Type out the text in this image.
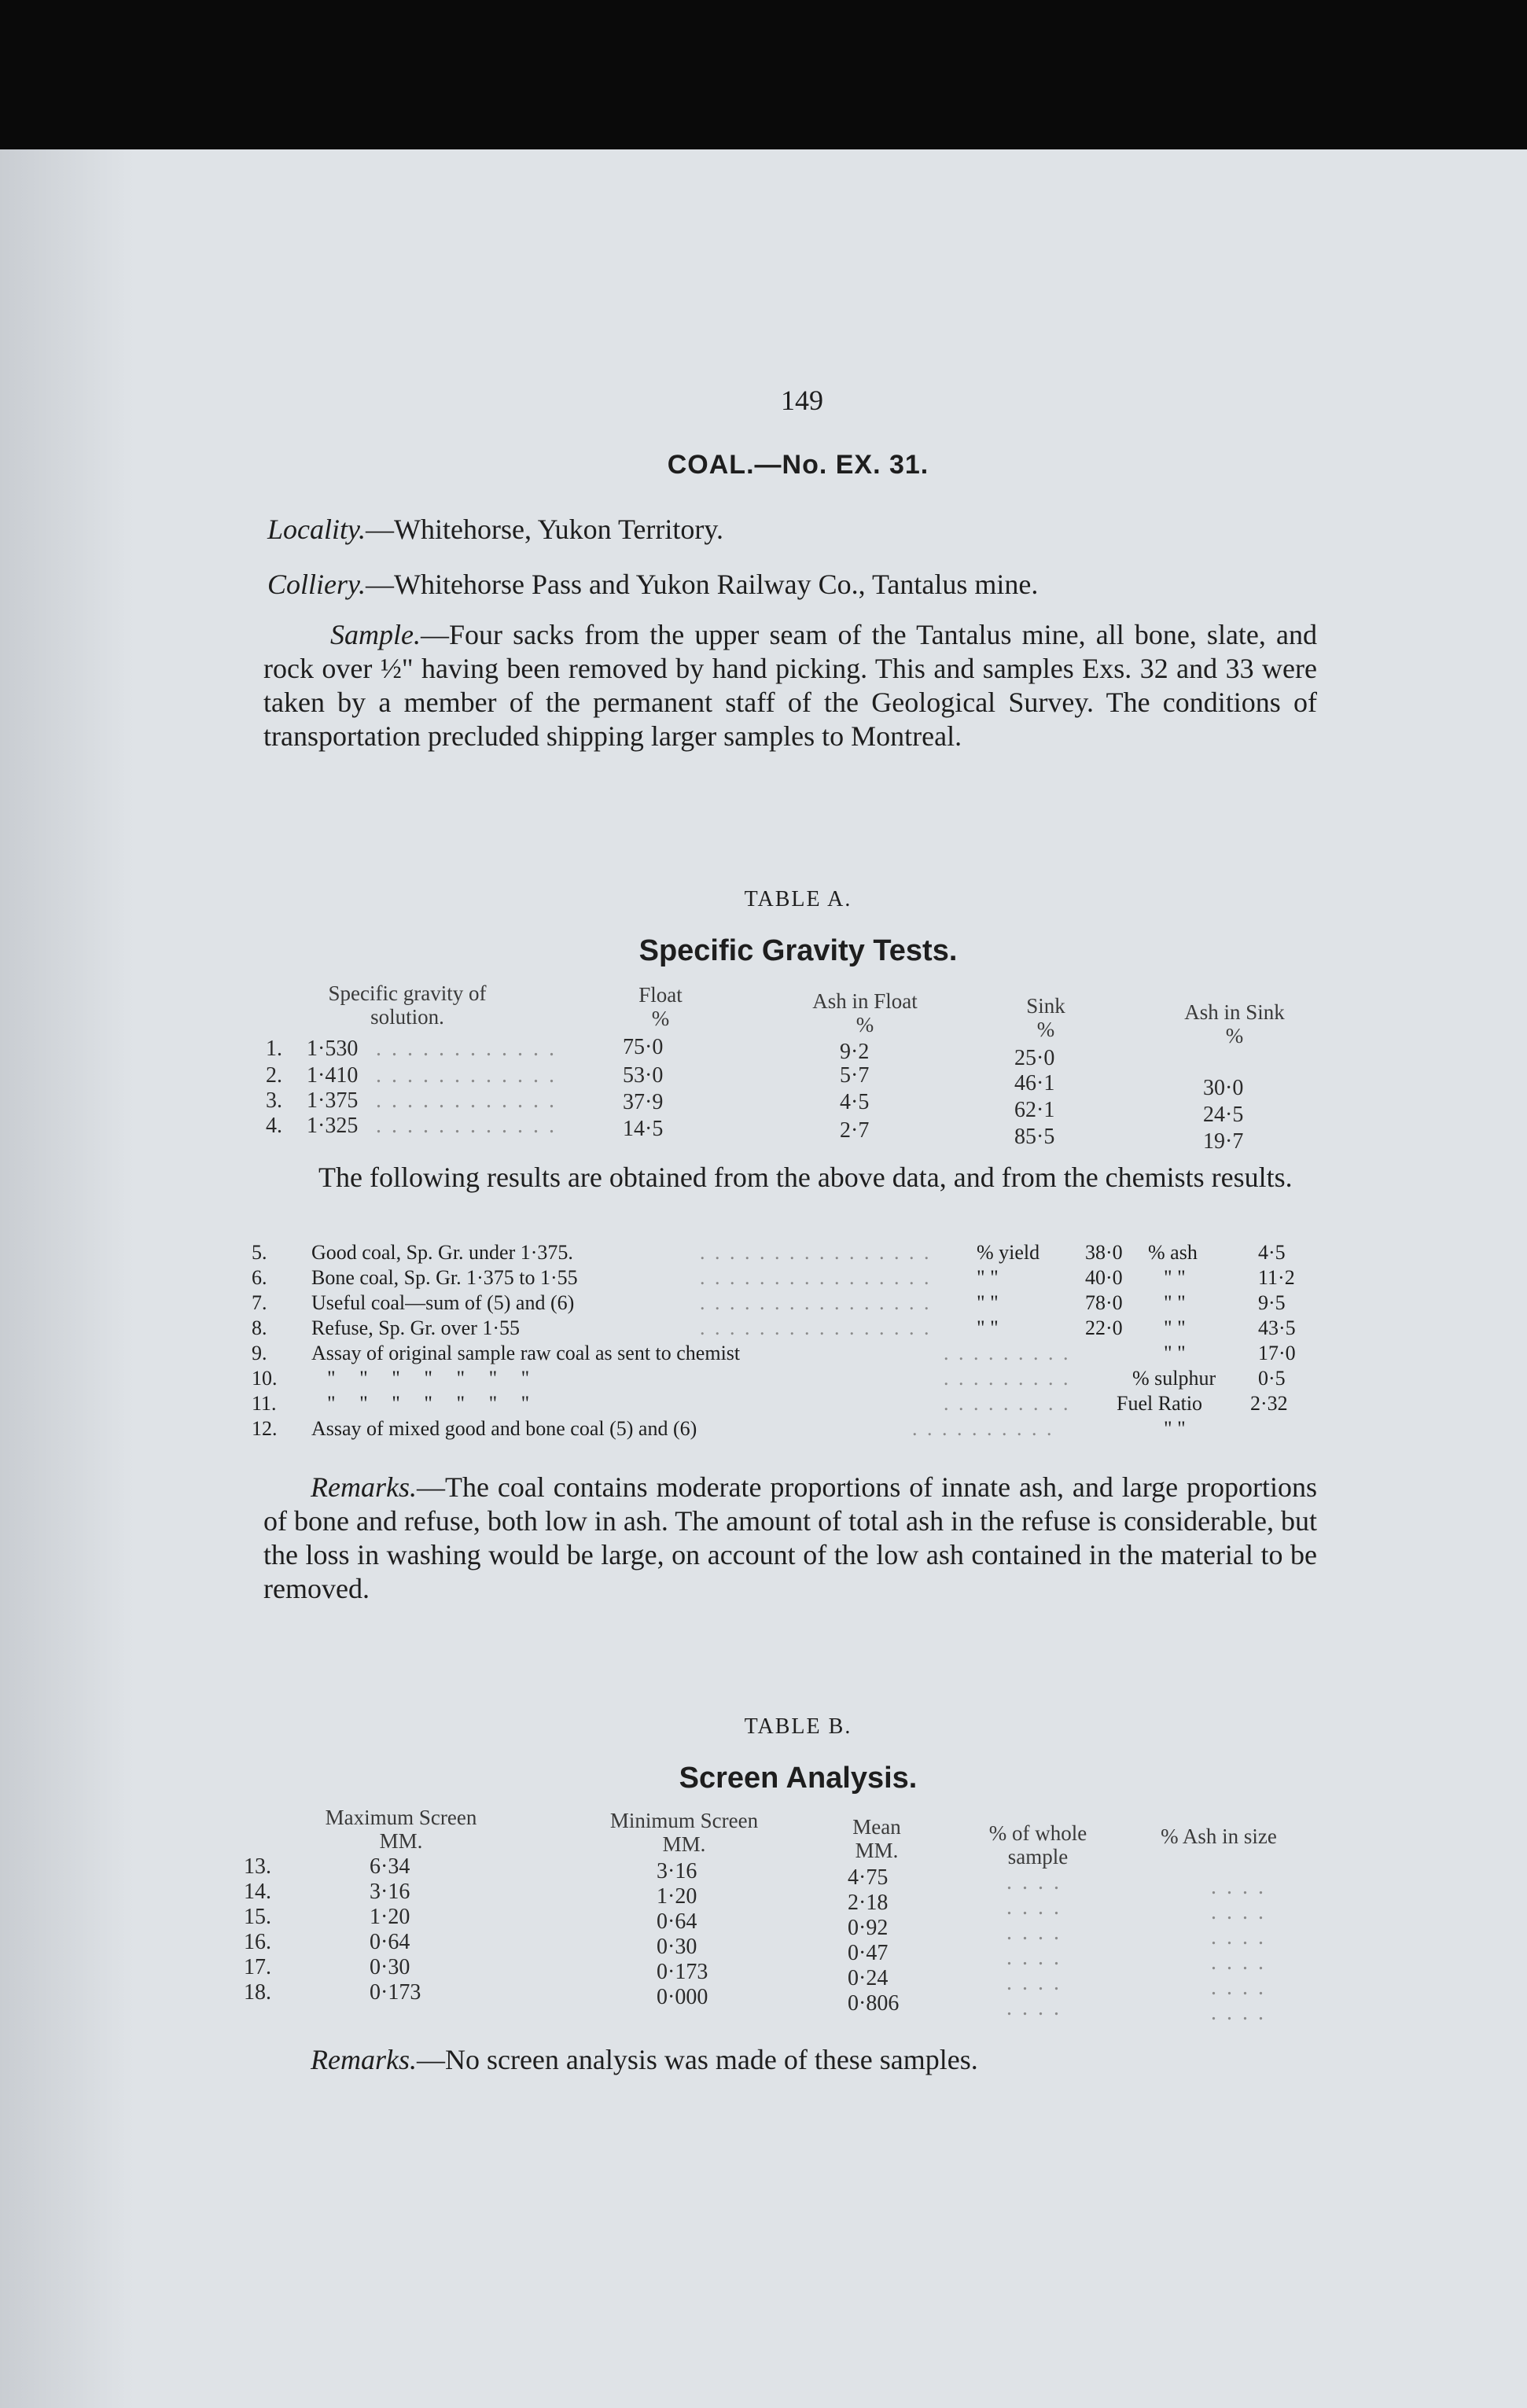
149
COAL.—No. EX. 31.
Locality.—Whitehorse, Yukon Territory.
Colliery.—Whitehorse Pass and Yukon Railway Co., Tantalus mine.
Sample.—Four sacks from the upper seam of the Tantalus mine, all bone, slate, and rock over ½" having been removed by hand picking. This and samples Exs. 32 and 33 were taken by a member of the permanent staff of the Geological Survey. The conditions of transportation precluded shipping larger samples to Montreal.
TABLE A.
Specific Gravity Tests.
Specific gravity of solution.
Float
%
Ash in Float
%
Sink
%
Ash in Sink
%
1. 1·530 . . . . . . . . . . . .	75·0	9·2	25·0
2. 1·410 . . . . . . . . . . . .	53·0	5·7	46·1	30·0
3. 1·375 . . . . . . . . . . . .	37·9	4·5	62·1	24·5
4. 1·325 . . . . . . . . . . . .	14·5	2·7	85·5	19·7
The following results are obtained from the above data, and from the chemists results.
5. Good coal, Sp. Gr. under 1·375.	. . . . . . . . . . . . . . . . % yield 38·0 % ash	4·5
6. Bone coal, Sp. Gr. 1·375 to 1·55	. . . . . . . . . . . . . . . . " "	40·0 " "	11·2
7. Useful coal—sum of (5) and (6)	. . . . . . . . . . . . . . . . " "	78·0 " "	9·5
8. Refuse, Sp. Gr. over 1·55	. . . . . . . . . . . . . . . . " "	22·0 " "	43·5
9. Assay of original sample raw coal as sent to chemist	. . . . . . . . .	" "	17·0
10. " " " " " " "	. . . . . . . . .	% sulphur 0·5
11. " " " " " " "	. . . . . . . . . Fuel Ratio 2·32
12. Assay of mixed good and bone coal (5) and (6)	. . . . . . . . . .	" "
Remarks.—The coal contains moderate proportions of innate ash, and large proportions of bone and refuse, both low in ash. The amount of total ash in the refuse is considerable, but the loss in washing would be large, on account of the low ash contained in the material to be removed.
TABLE B.
Screen Analysis.
Maximum Screen MM.
Minimum Screen MM.
Mean MM.
% of whole sample
% Ash in size
13.	6·34	3·16	4·75	. . . .	. . . .
14.	3·16	1·20	2·18	. . . .	. . . .
15.	1·20	0·64	0·92	. . . .	. . . .
16.	0·64	0·30	0·47	. . . .	. . . .
17.	0·30	0·173	0·24	. . . .	. . . .
18.	0·173	0·000	0·806	. . . .	. . . .
Remarks.—No screen analysis was made of these samples.
